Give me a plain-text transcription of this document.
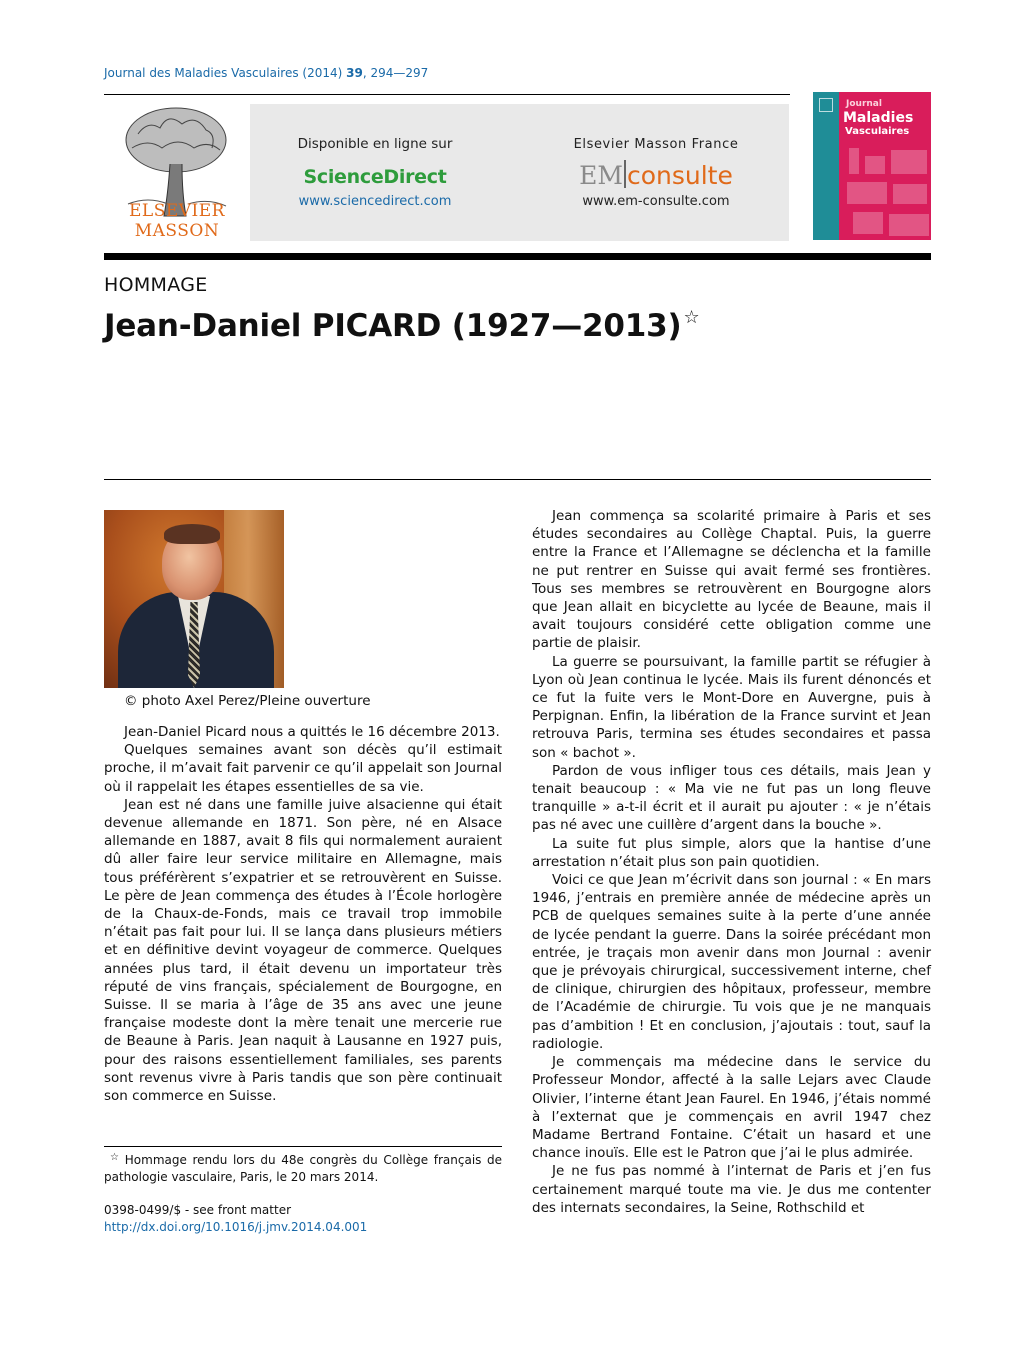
Journal des Maladies Vasculaires (2014) 39, 294—297
ELSEVIER
MASSON
Disponible en ligne sur
ScienceDirect
www.sciencedirect.com
Elsevier Masson France
EM consulte
www.em-consulte.com
Journal
Maladies
Vasculaires
HOMMAGE
Jean-Daniel PICARD (1927—2013) ☆
© photo Axel Perez/Pleine ouverture

Jean-Daniel Picard nous a quittés le 16 décembre 2013.

Quelques semaines avant son décès qu’il estimait proche, il m’avait fait parvenir ce qu’il appelait son Journal où il rappelait les étapes essentielles de sa vie.

Jean est né dans une famille juive alsacienne qui était devenue allemande en 1871. Son père, né en Alsace allemande en 1887, avait 8 fils qui normalement auraient dû aller faire leur service militaire en Allemagne, mais tous préférèrent s’expatrier et se retrouvèrent en Suisse. Le père de Jean commença des études à l’École horlogère de la Chaux-de-Fonds, mais ce travail trop immobile n’était pas fait pour lui. Il se lança dans plusieurs métiers et en définitive devint voyageur de commerce. Quelques années plus tard, il était devenu un importateur très réputé de vins français, spécialement de Bourgogne, en Suisse. Il se maria à l’âge de 35 ans avec une jeune française modeste dont la mère tenait une mercerie rue de Beaune à Paris. Jean naquit à Lausanne en 1927 puis, pour des raisons essentiellement familiales, ses parents sont revenus vivre à Paris tandis que son père continuait son commerce en Suisse.

Jean commença sa scolarité primaire à Paris et ses études secondaires au Collège Chaptal. Puis, la guerre entre la France et l’Allemagne se déclencha et la famille ne put rentrer en Suisse qui avait fermé ses frontières. Tous ses membres se retrouvèrent en Bourgogne alors que Jean allait en bicyclette au lycée de Beaune, mais il avait toujours considéré cette obligation comme une partie de plaisir.

La guerre se poursuivant, la famille partit se réfugier à Lyon où Jean continua le lycée. Mais ils furent dénoncés et ce fut la fuite vers le Mont-Dore en Auvergne, puis à Perpignan. Enfin, la libération de la France survint et Jean retrouva Paris, termina ses études secondaires et passa son « bachot ».

Pardon de vous infliger tous ces détails, mais Jean y tenait beaucoup : « Ma vie ne fut pas un long fleuve tranquille » a-t-il écrit et il aurait pu ajouter : « je n’étais pas né avec une cuillère d’argent dans la bouche ».

La suite fut plus simple, alors que la hantise d’une arrestation n’était plus son pain quotidien.

Voici ce que Jean m’écrivit dans son journal : « En mars 1946, j’entrais en première année de médecine après un PCB de quelques semaines suite à la perte d’une année de lycée pendant la guerre. Dans la soirée précédant mon entrée, je traçais mon avenir dans mon Journal : avenir que je prévoyais chirurgical, successivement interne, chef de clinique, chirurgien des hôpitaux, professeur, membre de l’Académie de chirurgie. Tu vois que je ne manquais pas d’ambition ! Et en conclusion, j’ajoutais : tout, sauf la radiologie.

Je commençais ma médecine dans le service du Professeur Mondor, affecté à la salle Lejars avec Claude Olivier, l’interne étant Jean Faurel. En 1946, j’étais nommé à l’externat que je commençais en avril 1947 chez Madame Bertrand Fontaine. C’était un hasard et une chance inouïs. Elle est le Patron que j’ai le plus admirée.

Je ne fus pas nommé à l’internat de Paris et j’en fus certainement marqué toute ma vie. Je dus me contenter des internats secondaires, la Seine, Rothschild et

☆ Hommage rendu lors du 48e congrès du Collège français de pathologie vasculaire, Paris, le 20 mars 2014.
0398-0499/$ - see front matter
http://dx.doi.org/10.1016/j.jmv.2014.04.001
